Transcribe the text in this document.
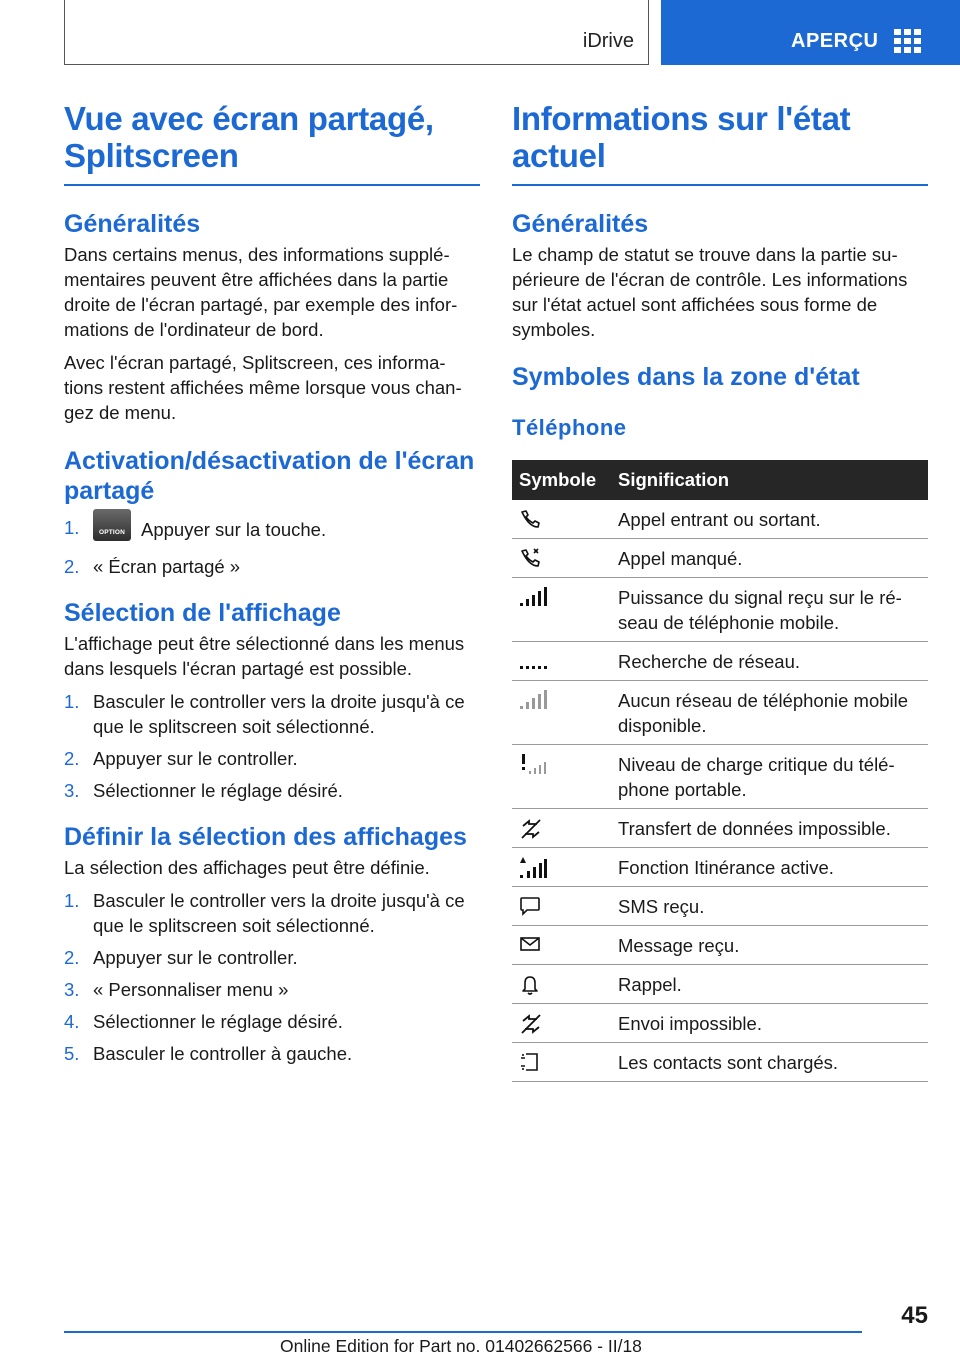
iDrive	APERÇU
Vue avec écran partagé, Splitscreen
Généralités

Dans certains menus, des informations supplé-mentaires peuvent être affichées dans la partie droite de l'écran partagé, par exemple des infor-mations de l'ordinateur de bord.

Avec l'écran partagé, Splitscreen, ces informa-tions restent affichées même lorsque vous chan-gez de menu.

Activation/désactivation de l'écran partagé
1.	OPTION Appuyer sur la touche.
2. « Écran partagé »
Sélection de l'affichage

L'affichage peut être sélectionné dans les menus dans lesquels l'écran partagé est possible.

1. Basculer le controller vers la droite jusqu'à ce que le splitscreen soit sélectionné.
2. Appuyer sur le controller.
3. Sélectionner le réglage désiré.
Définir la sélection des affichages

La sélection des affichages peut être définie.

1. Basculer le controller vers la droite jusqu'à ce que le splitscreen soit sélectionné.
2. Appuyer sur le controller.
3. « Personnaliser menu »
4. Sélectionner le réglage désiré.
5. Basculer le controller à gauche.
Informations sur l'état actuel
Généralités

Le champ de statut se trouve dans la partie su-périeure de l'écran de contrôle. Les informations sur l'état actuel sont affichées sous forme de symboles.

Symboles dans la zone d'état
Téléphone
Symbole	Signification

	Appel entrant ou sortant.

	Appel manqué.

	Puissance du signal reçu sur le ré-seau de téléphonie mobile.

	Recherche de réseau.

	Aucun réseau de téléphonie mobile disponible.

	Niveau de charge critique du télé-phone portable.

	Transfert de données impossible.

	Fonction Itinérance active.

	SMS reçu.

	Message reçu.

	Rappel.

	Envoi impossible.

	Les contacts sont chargés.
45
Online Edition for Part no. 01402662566 - II/18
